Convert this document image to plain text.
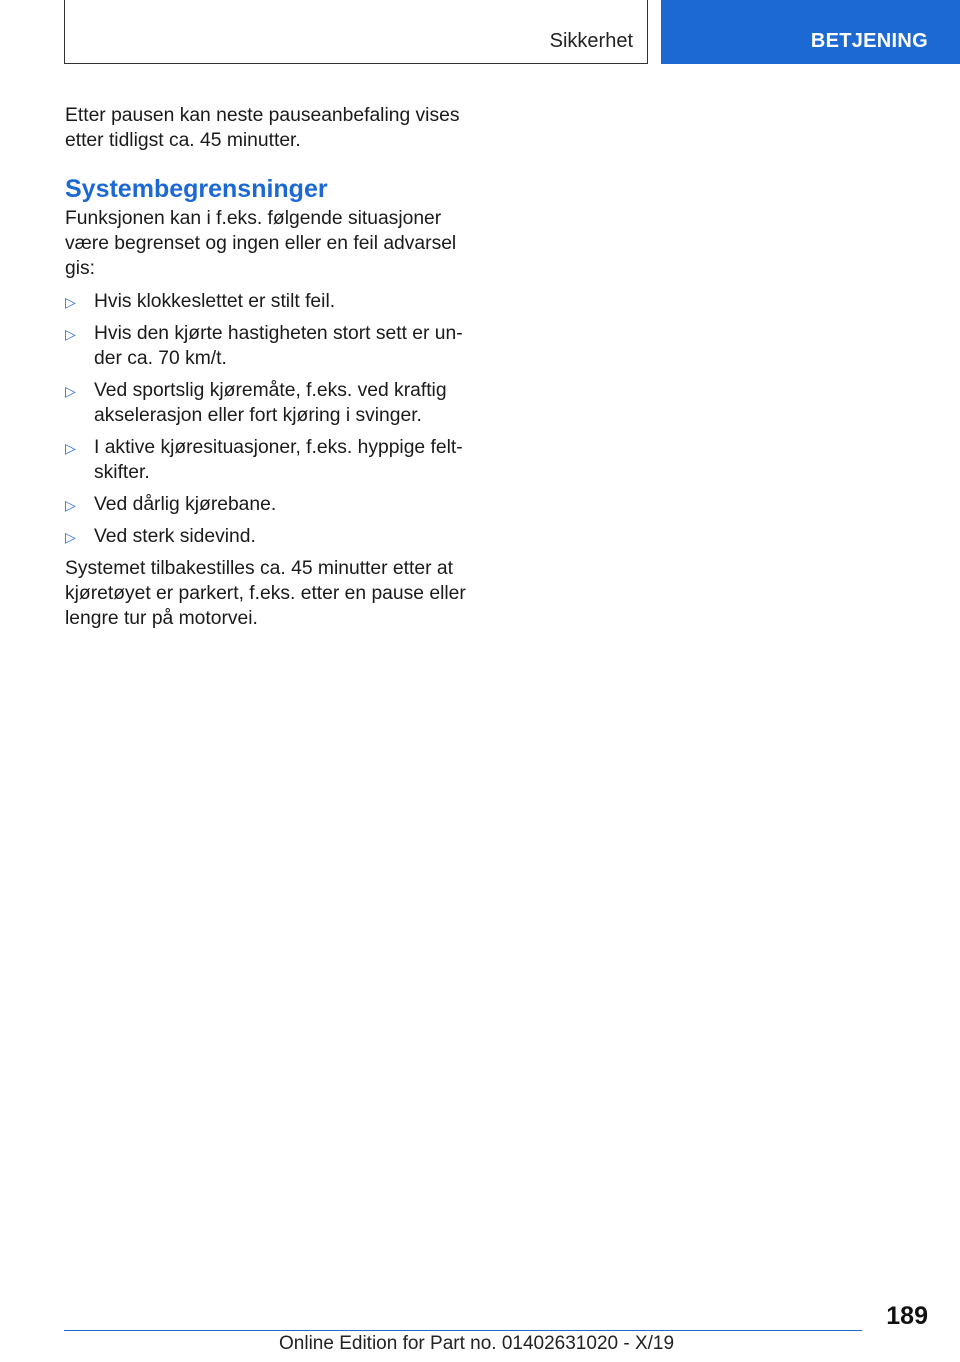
Sikkerhet	BETJENING

Etter pausen kan neste pauseanbefaling vises etter tidligst ca. 45 minutter.

Systembegrensninger

Funksjonen kan i f.eks. følgende situasjoner være begrenset og ingen eller en feil advarsel gis:

▷ Hvis klokkeslettet er stilt feil.
▷ Hvis den kjørte hastigheten stort sett er under ca. 70 km/t.
▷ Ved sportslig kjøremåte, f.eks. ved kraftig akselerasjon eller fort kjøring i svinger.
▷ I aktive kjøresituasjoner, f.eks. hyppige feltskifter.
▷ Ved dårlig kjørebane.
▷ Ved sterk sidevind.

Systemet tilbakestilles ca. 45 minutter etter at kjøretøyet er parkert, f.eks. etter en pause eller lengre tur på motorvei.

189
Online Edition for Part no. 01402631020 - X/19
